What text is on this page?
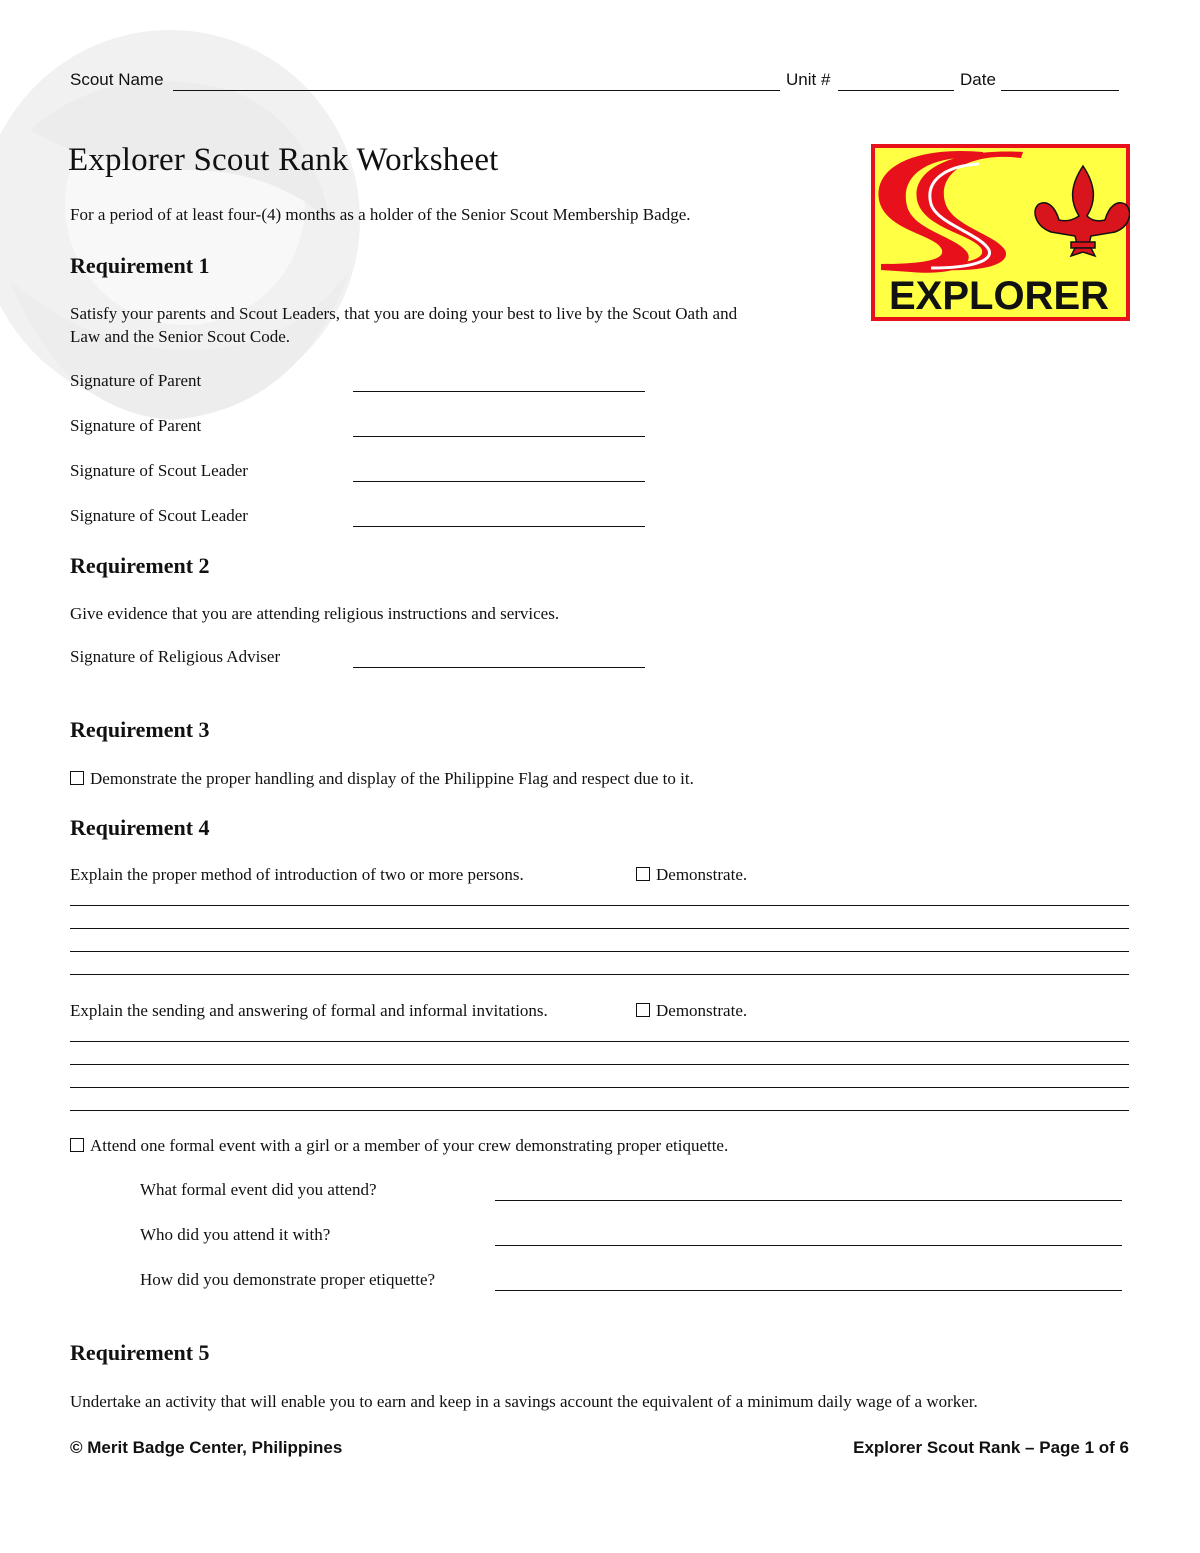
Scout Name	Unit #	Date
Explorer Scout Rank Worksheet
For a period of at least four-(4) months as a holder of the Senior Scout Membership Badge.
EXPLORER
Requirement 1
Satisfy your parents and Scout Leaders, that you are doing your best to live by the Scout Oath and
Law and the Senior Scout Code.
Signature of Parent
Signature of Parent
Signature of Scout Leader
Signature of Scout Leader
Requirement 2
Give evidence that you are attending religious instructions and services.
Signature of Religious Adviser
Requirement 3
Demonstrate the proper handling and display of the Philippine Flag and respect due to it.
Requirement 4
Explain the proper method of introduction of two or more persons.	Demonstrate.
Explain the sending and answering of formal and informal invitations.	Demonstrate.
Attend one formal event with a girl or a member of your crew demonstrating proper etiquette.
What formal event did you attend?
Who did you attend it with?
How did you demonstrate proper etiquette?
Requirement 5
Undertake an activity that will enable you to earn and keep in a savings account the equivalent of a minimum daily wage of a worker.
© Merit Badge Center, Philippines	Explorer Scout Rank – Page 1 of 6
